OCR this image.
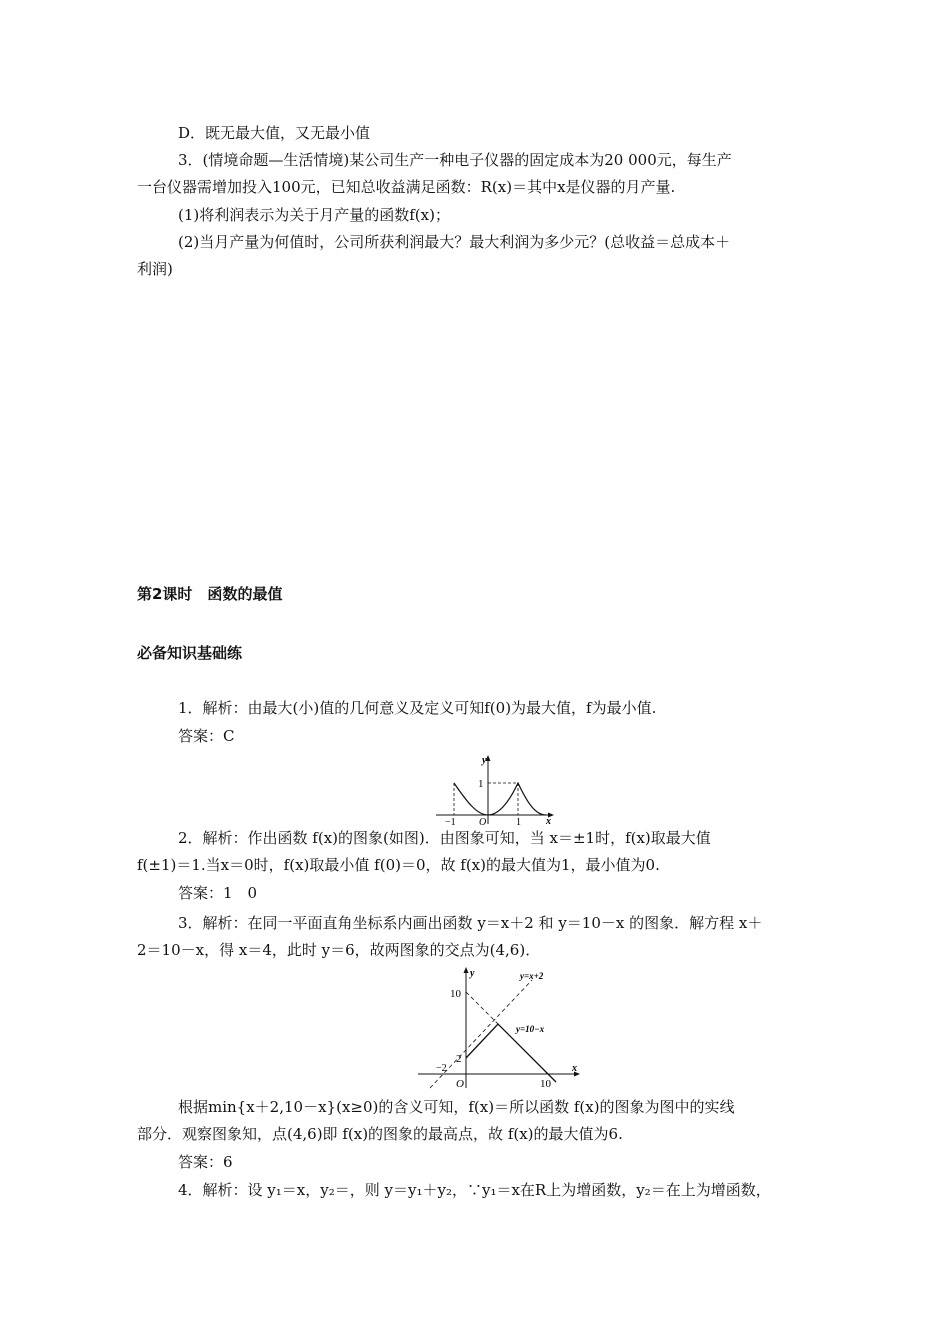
D．既无最大值，又无最小值
3．(情境命题—生活情境)某公司生产一种电子仪器的固定成本为20 000元，每生产
一台仪器需增加投入100元，已知总收益满足函数：R(x)＝其中x是仪器的月产量.
(1)将利润表示为关于月产量的函数f(x)；
(2)当月产量为何值时，公司所获利润最大？最大利润为多少元？(总收益＝总成本＋
利润)
第2课时　函数的最值
必备知识基础练
1．解析：由最大(小)值的几何意义及定义可知f(0)为最大值，f为最小值.
答案：C
y
x
1
−1 O	1
2．解析：作出函数 f(x)的图象(如图)．由图象可知，当 x＝±1时，f(x)取最大值
f(±1)＝1.当x＝0时，f(x)取最小值 f(0)＝0，故 f(x)的最大值为1，最小值为0.
答案：1　0
3．解析：在同一平面直角坐标系内画出函数 y＝x＋2 和 y＝10－x 的图象．解方程 x＋
2＝10－x，得 x＝4，此时 y＝6，故两图象的交点为(4,6)．
y
x
10
2
−2
O	10
y=x+2
y=10−x
根据min{x＋2,10－x}(x≥0)的含义可知，f(x)＝所以函数 f(x)的图象为图中的实线
部分．观察图象知，点(4,6)即 f(x)的图象的最高点，故 f(x)的最大值为6.
答案：6
4．解析：设 y₁＝x，y₂＝，则 y＝y₁＋y₂，∵y₁＝x在R上为增函数，y₂＝在上为增函数，
